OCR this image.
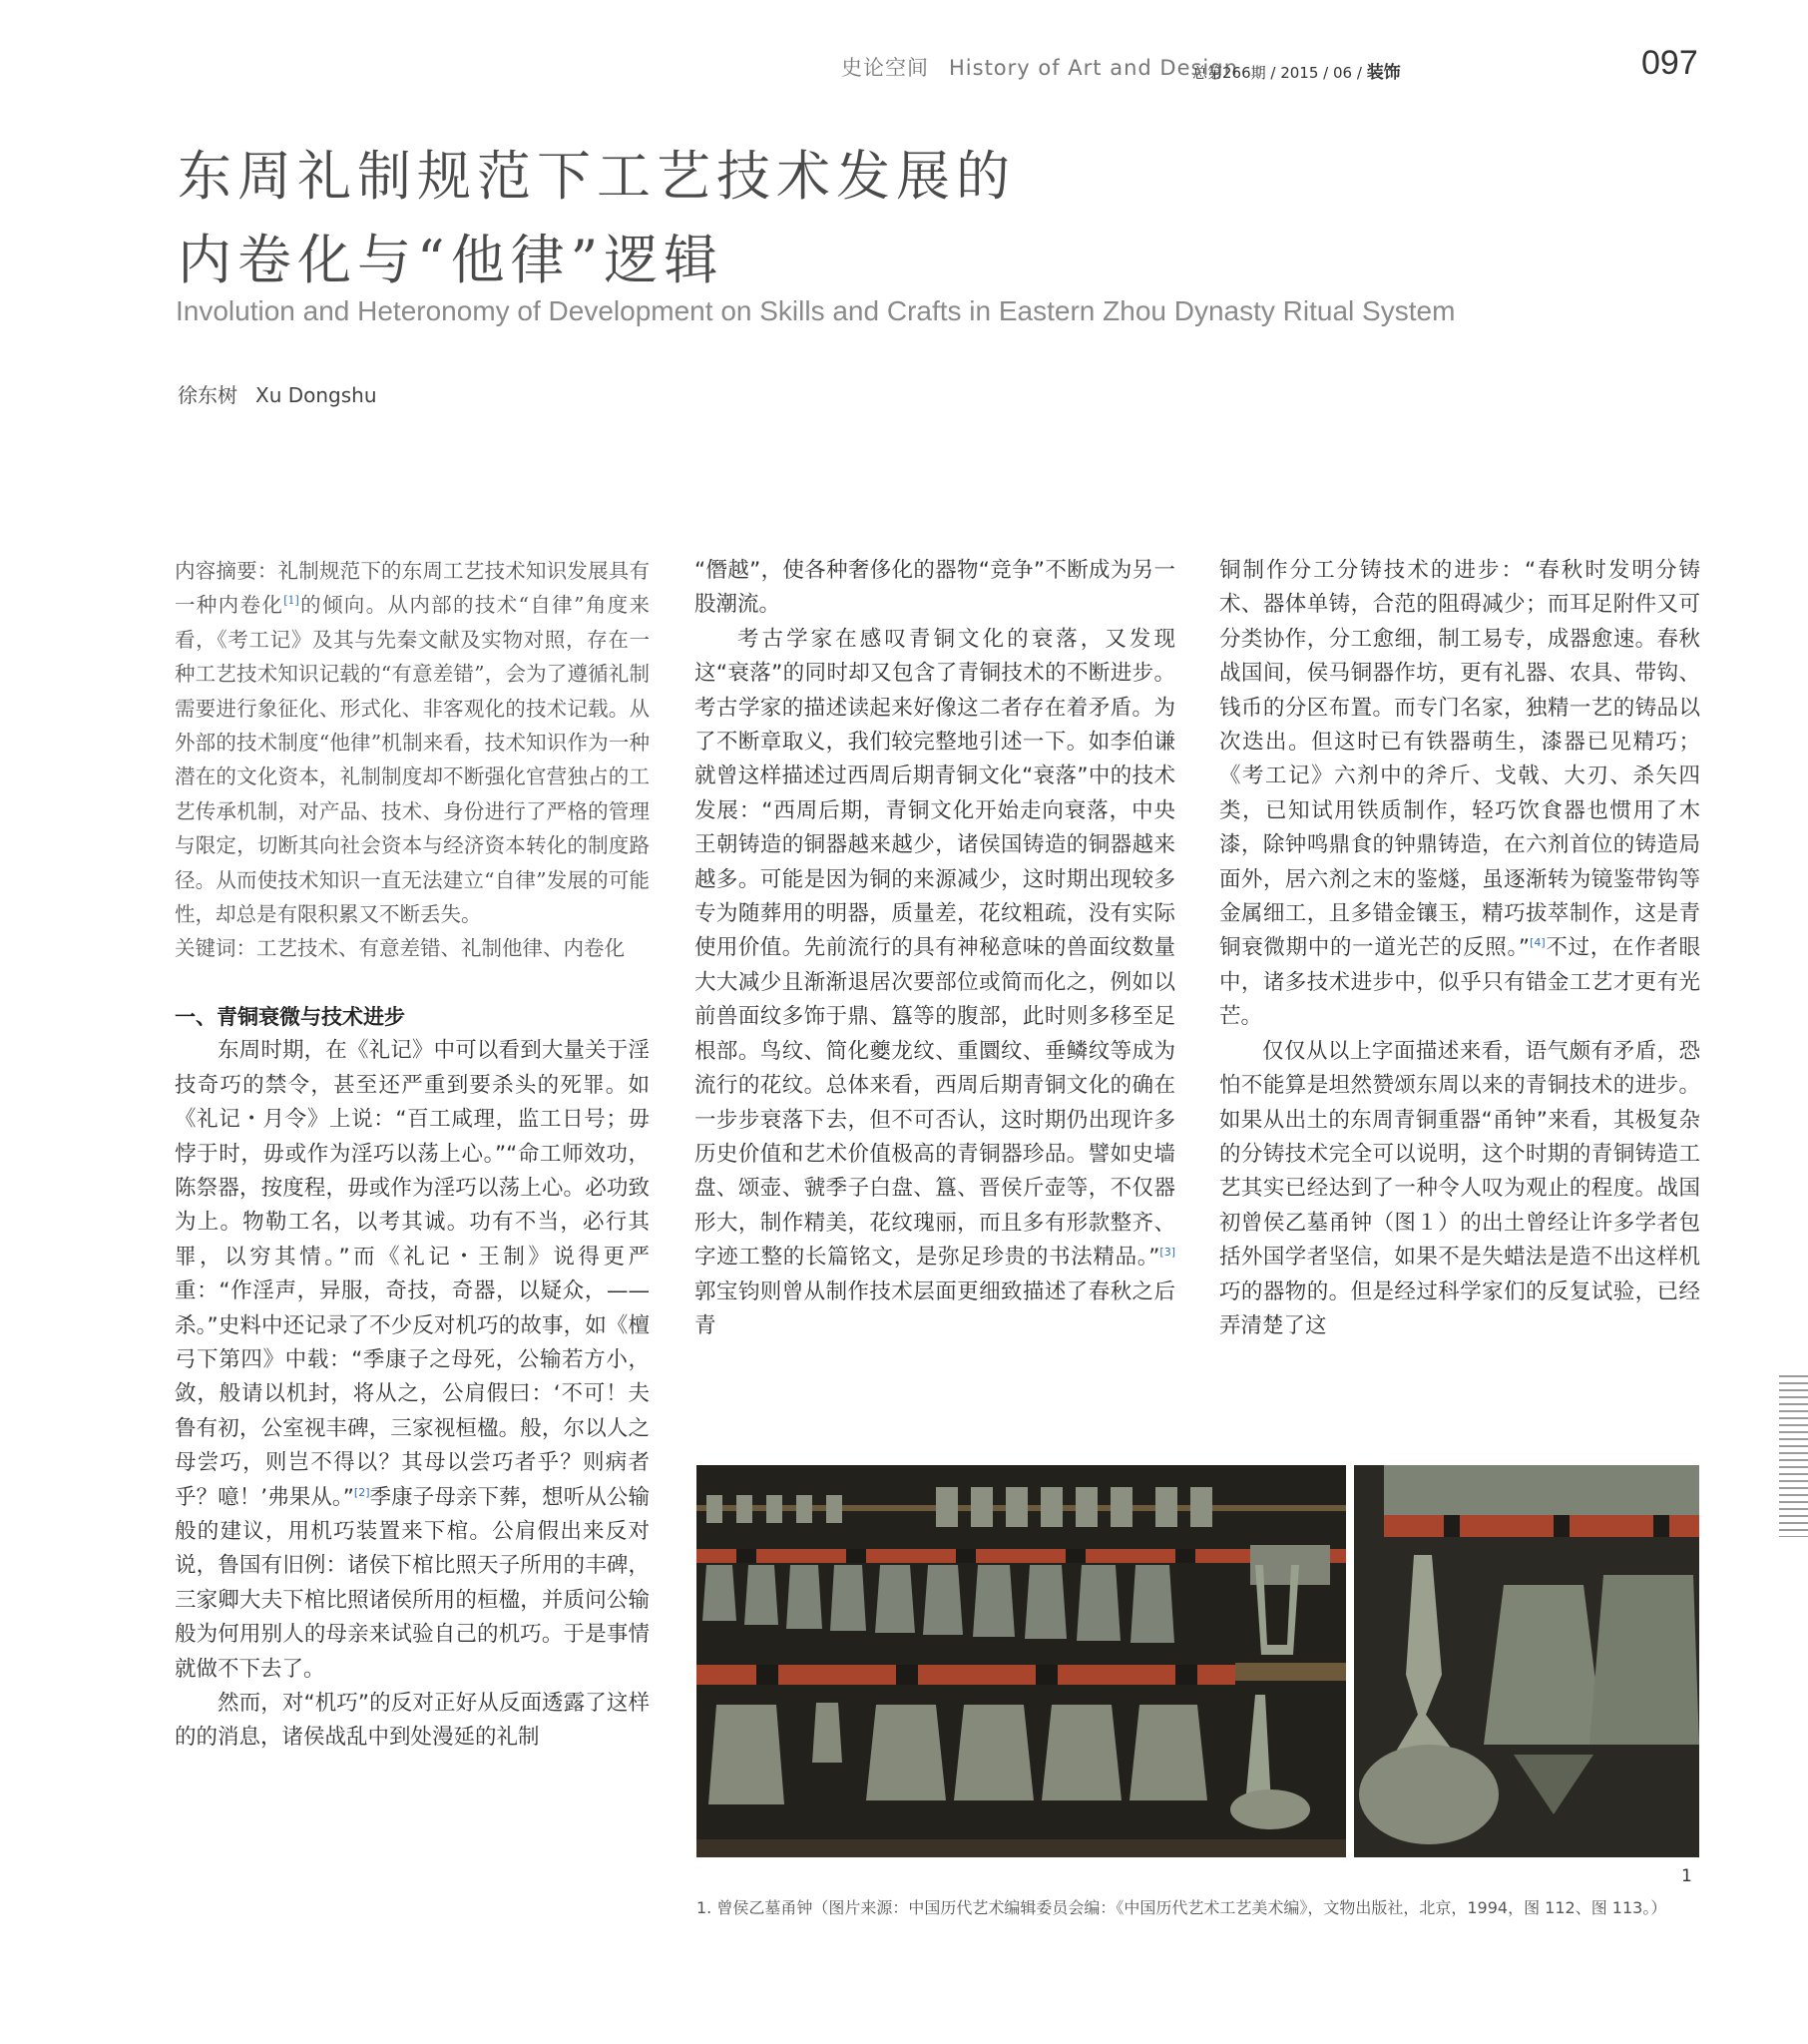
史论空间 History of Art and Design
总第266期 / 2015 / 06 / 装饰	097
东周礼制规范下工艺技术发展的
内卷化与“他律”逻辑
Involution and Heteronomy of Development on Skills and Crafts in Eastern Zhou Dynasty Ritual System
徐东树 Xu Dongshu
内容摘要：礼制规范下的东周工艺技术知识发展具有一种内卷化[1]的倾向。从内部的技术“自律”角度来看，《考工记》及其与先秦文献及实物对照，存在一种工艺技术知识记载的“有意差错”，会为了遵循礼制需要进行象征化、形式化、非客观化的技术记载。从外部的技术制度“他律”机制来看，技术知识作为一种潜在的文化资本，礼制制度却不断强化官营独占的工艺传承机制，对产品、技术、身份进行了严格的管理与限定，切断其向社会资本与经济资本转化的制度路径。从而使技术知识一直无法建立“自律”发展的可能性，却总是有限积累又不断丢失。
关键词：工艺技术、有意差错、礼制他律、内卷化
一、青铜衰微与技术进步

东周时期，在《礼记》中可以看到大量关于淫技奇巧的禁令，甚至还严重到要杀头的死罪。如《礼记・月令》上说：“百工咸理，监工日号；毋悖于时，毋或作为淫巧以荡上心。”“命工师效功，陈祭器，按度程，毋或作为淫巧以荡上心。必功致为上。物勒工名，以考其诚。功有不当，必行其罪，以穷其情。”而《礼记・王制》说得更严重：“作淫声，异服，奇技，奇器，以疑众，——杀。”史料中还记录了不少反对机巧的故事，如《檀弓下第四》中载：“季康子之母死，公输若方小，敛，般请以机封，将从之，公肩假曰：‘不可！夫鲁有初，公室视丰碑，三家视桓楹。般，尔以人之母尝巧，则岂不得以？其母以尝巧者乎？则病者乎？噫！’弗果从。”[2]季康子母亲下葬，想听从公输般的建议，用机巧装置来下棺。公肩假出来反对说，鲁国有旧例：诸侯下棺比照天子所用的丰碑，三家卿大夫下棺比照诸侯所用的桓楹，并质问公输般为何用别人的母亲来试验自己的机巧。于是事情就做不下去了。

然而，对“机巧”的反对正好从反面透露了这样的的消息，诸侯战乱中到处漫延的礼制

“僭越”，使各种奢侈化的器物“竞争”不断成为另一股潮流。

考古学家在感叹青铜文化的衰落，又发现这“衰落”的同时却又包含了青铜技术的不断进步。考古学家的描述读起来好像这二者存在着矛盾。为了不断章取义，我们较完整地引述一下。如李伯谦就曾这样描述过西周后期青铜文化“衰落”中的技术发展：“西周后期，青铜文化开始走向衰落，中央王朝铸造的铜器越来越少，诸侯国铸造的铜器越来越多。可能是因为铜的来源减少，这时期出现较多专为随葬用的明器，质量差，花纹粗疏，没有实际使用价值。先前流行的具有神秘意味的兽面纹数量大大减少且渐渐退居次要部位或简而化之，例如以前兽面纹多饰于鼎、簋等的腹部，此时则多移至足根部。鸟纹、简化夔龙纹、重圜纹、垂鳞纹等成为流行的花纹。总体来看，西周后期青铜文化的确在一步步衰落下去，但不可否认，这时期仍出现许多历史价值和艺术价值极高的青铜器珍品。譬如史墙盘、颂壶、虢季子白盘、簋、晋侯斤壶等，不仅器形大，制作精美，花纹瑰丽，而且多有形款整齐、字迹工整的长篇铭文，是弥足珍贵的书法精品。”[3]郭宝钧则曾从制作技术层面更细致描述了春秋之后青

铜制作分工分铸技术的进步：“春秋时发明分铸术、器体单铸，合范的阻碍减少；而耳足附件又可分类协作，分工愈细，制工易专，成器愈速。春秋战国间，侯马铜器作坊，更有礼器、农具、带钩、钱币的分区布置。而专门名家，独精一艺的铸品以次迭出。但这时已有铁器萌生，漆器已见精巧；《考工记》六剂中的斧斤、戈戟、大刃、杀矢四类，已知试用铁质制作，轻巧饮食器也惯用了木漆，除钟鸣鼎食的钟鼎铸造，在六剂首位的铸造局面外，居六剂之末的鉴燧，虽逐渐转为镜鉴带钩等金属细工，且多错金镶玉，精巧拔萃制作，这是青铜衰微期中的一道光芒的反照。”[4]不过，在作者眼中，诸多技术进步中，似乎只有错金工艺才更有光芒。

仅仅从以上字面描述来看，语气颇有矛盾，恐怕不能算是坦然赞颂东周以来的青铜技术的进步。如果从出土的东周青铜重器“甬钟”来看，其极复杂的分铸技术完全可以说明，这个时期的青铜铸造工艺其实已经达到了一种令人叹为观止的程度。战国初曾侯乙墓甬钟（图１）的出土曾经让许多学者包括外国学者坚信，如果不是失蜡法是造不出这样机巧的器物的。但是经过科学家们的反复试验，已经弄清楚了这

1
1. 曾侯乙墓甬钟（图片来源：中国历代艺术编辑委员会编：《中国历代艺术工艺美术编》，文物出版社，北京，1994，图 112、图 113。）
